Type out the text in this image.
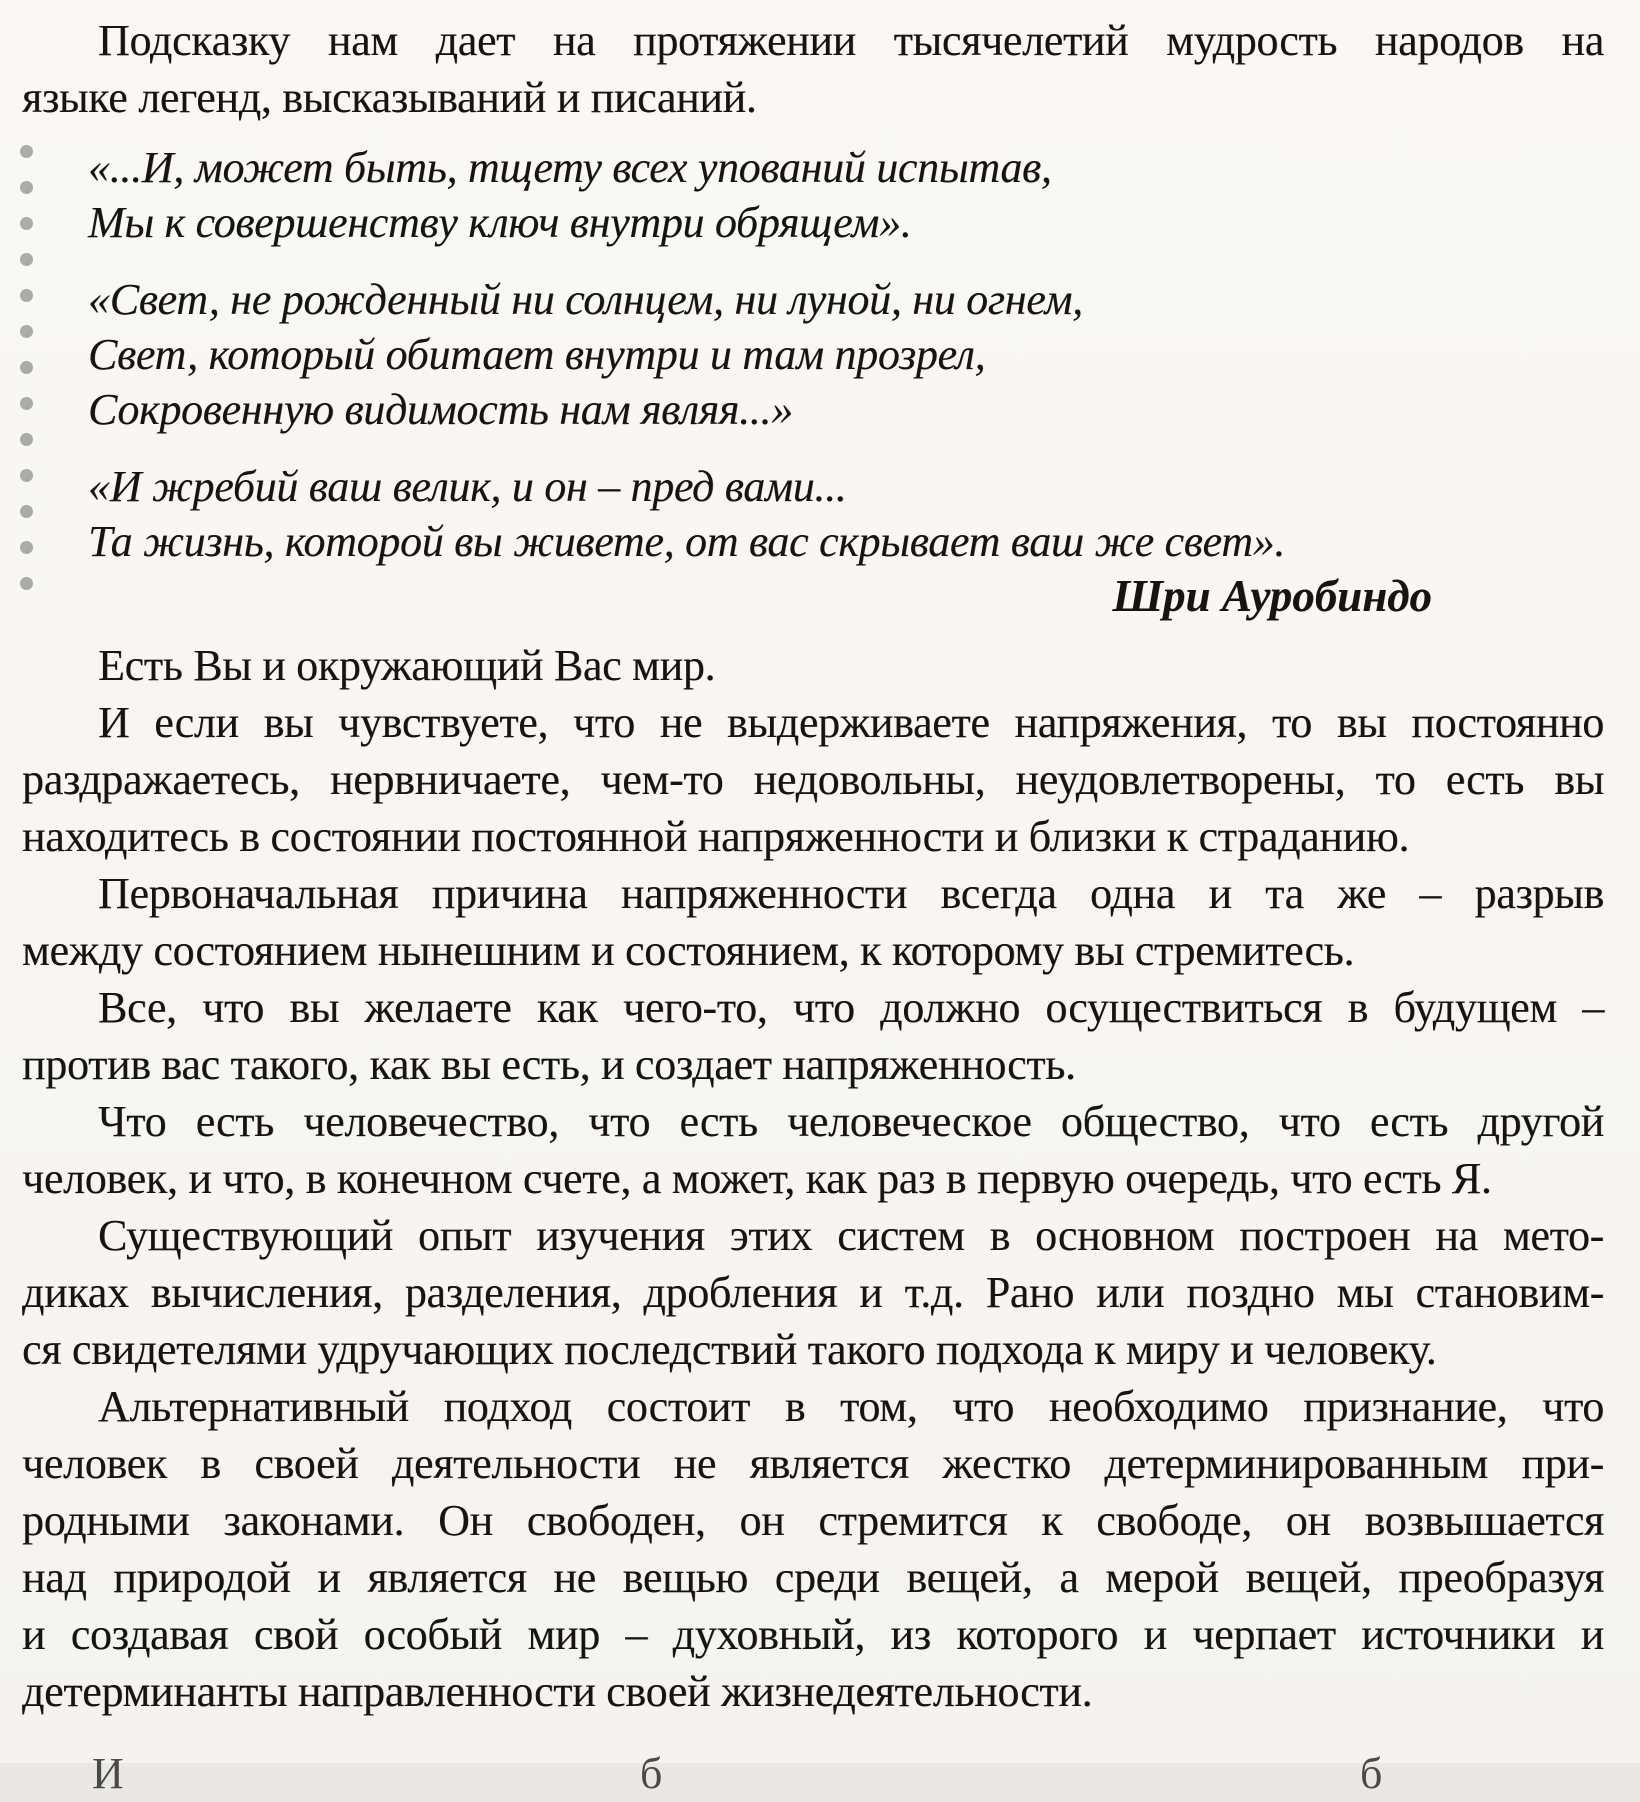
Подсказку нам дает на протяжении тысячелетий мудрость народов на
языке легенд, высказываний и писаний.
«...И, может быть, тщету всех упований испытав,
Мы к совершенству ключ внутри обрящем».
«Свет, не рожденный ни солнцем, ни луной, ни огнем,
Свет, который обитает внутри и там прозрел,
Сокровенную видимость нам являя...»
«И жребий ваш велик, и он – пред вами...
Та жизнь, которой вы живете, от вас скрывает ваш же свет».
Шри Ауробиндо
Есть Вы и окружающий Вас мир.
И если вы чувствуете, что не выдерживаете напряжения, то вы постоянно
раздражаетесь, нервничаете, чем-то недовольны, неудовлетворены, то есть вы
находитесь в состоянии постоянной напряженности и близки к страданию.
Первоначальная причина напряженности всегда одна и та же – разрыв
между состоянием нынешним и состоянием, к которому вы стремитесь.
Все, что вы желаете как чего-то, что должно осуществиться в будущем –
против вас такого, как вы есть, и создает напряженность.
Что есть человечество, что есть человеческое общество, что есть другой
человек, и что, в конечном счете, а может, как раз в первую очередь, что есть Я.
Существующий опыт изучения этих систем в основном построен на мето-
диках вычисления, разделения, дробления и т.д. Рано или поздно мы становим-
ся свидетелями удручающих последствий такого подхода к миру и человеку.
Альтернативный подход состоит в том, что необходимо признание, что
человек в своей деятельности не является жестко детерминированным при-
родными законами. Он свободен, он стремится к свободе, он возвышается
над природой и является не вещью среди вещей, а мерой вещей, преобразуя
и создавая свой особый мир – духовный, из которого и черпает источники и
детерминанты направленности своей жизнедеятельности.
И	б	б
